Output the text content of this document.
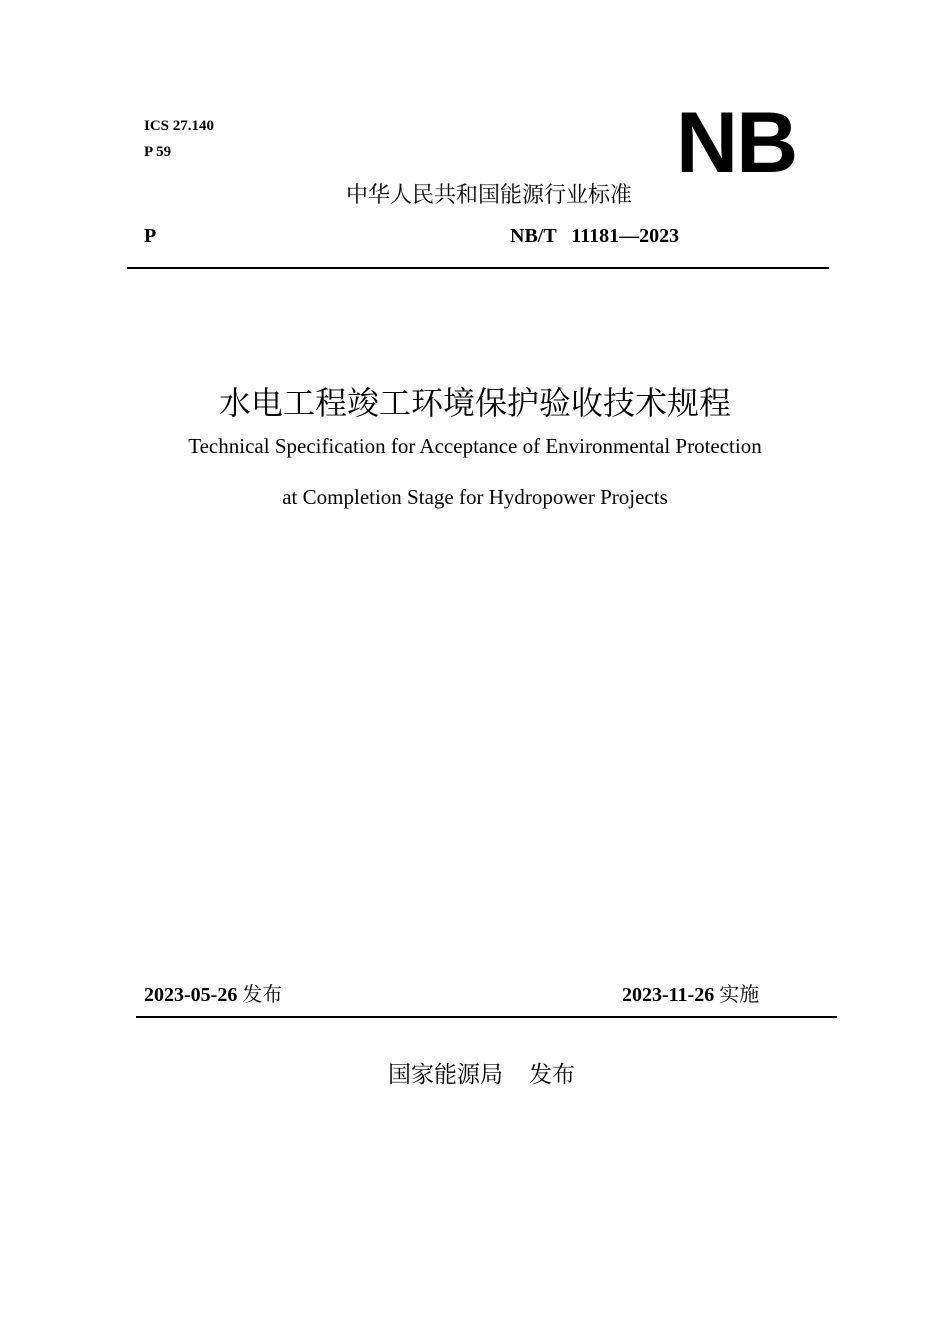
ICS 27.140
P 59	NB
中华人民共和国能源行业标准
P	NB/T 11181—2023
水电工程竣工环境保护验收技术规程
Technical Specification for Acceptance of Environmental Protection
at Completion Stage for Hydropower Projects
2023-05-26 发布	2023-11-26 实施
国家能源局 发布
